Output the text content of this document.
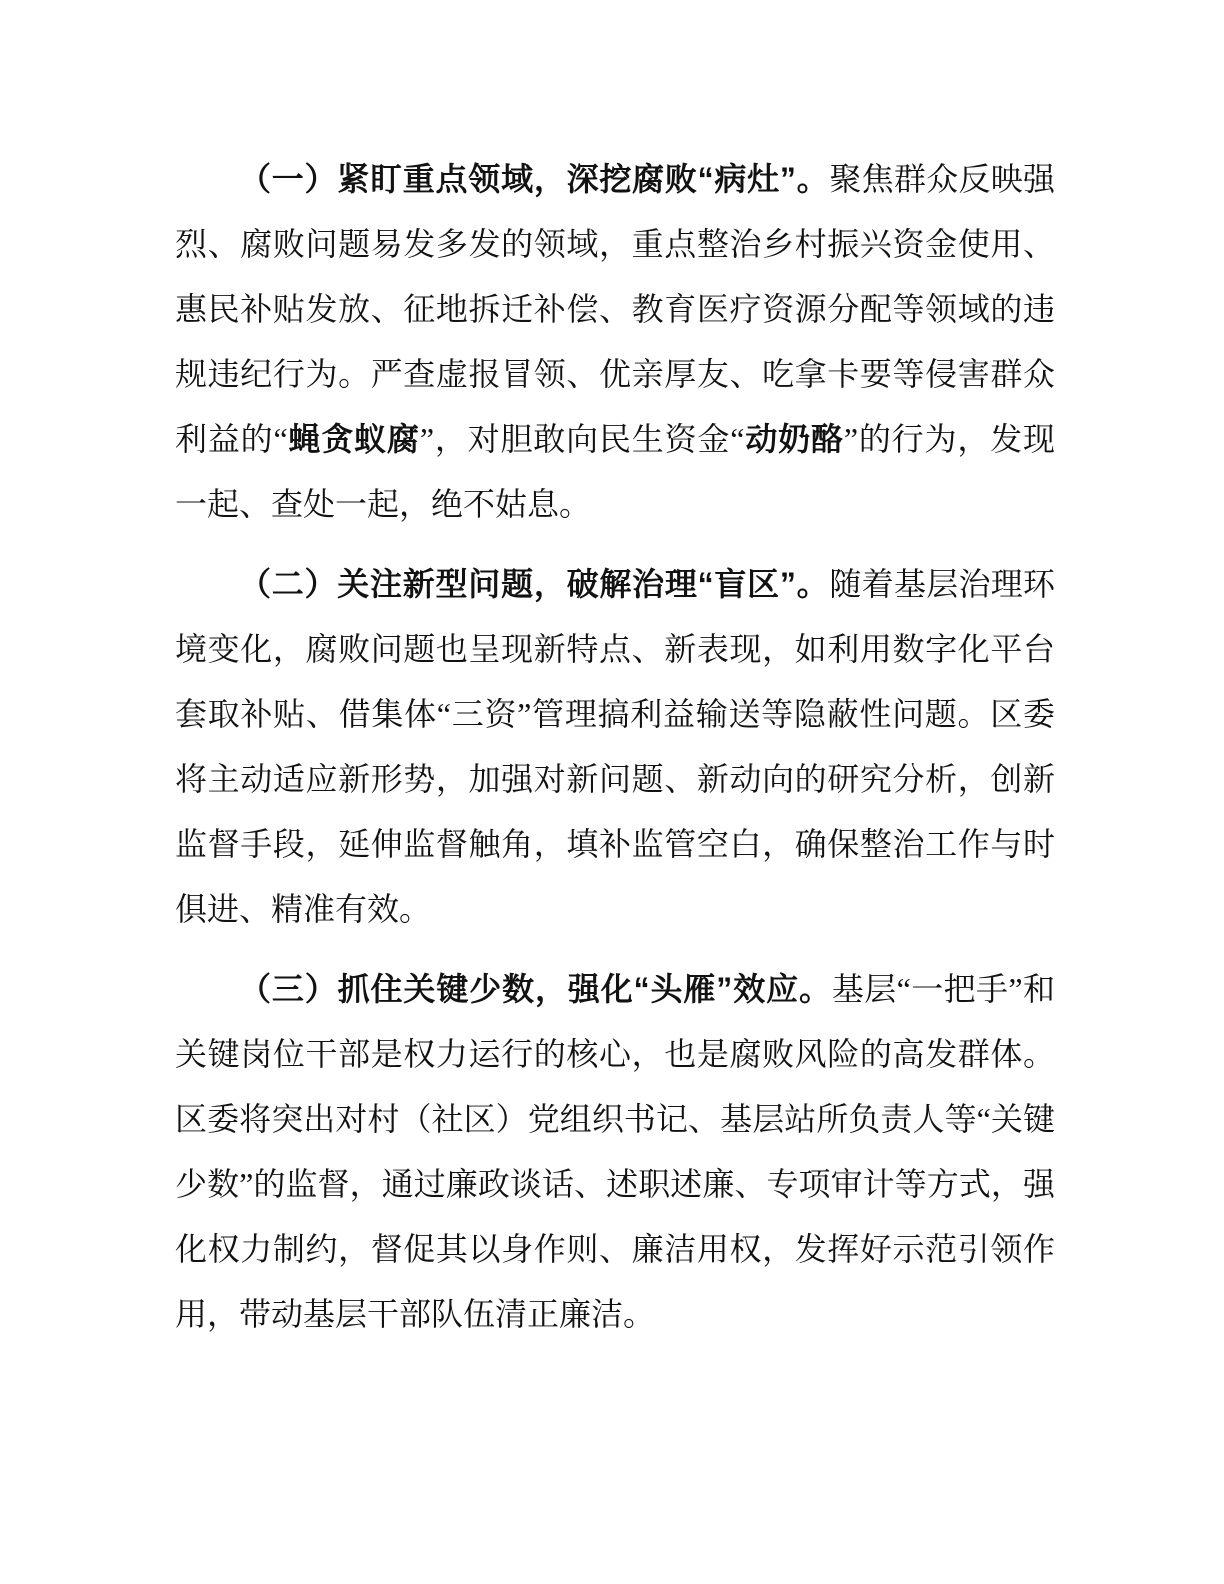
（一）紧盯重点领域，深挖腐败“病灶”。聚焦群众反映强烈、腐败问题易发多发的领域，重点整治乡村振兴资金使用、惠民补贴发放、征地拆迁补偿、教育医疗资源分配等领域的违规违纪行为。严查虚报冒领、优亲厚友、吃拿卡要等侵害群众利益的“蝇贪蚁腐”，对胆敢向民生资金“动奶酪”的行为，发现一起、查处一起，绝不姑息。

（二）关注新型问题，破解治理“盲区”。随着基层治理环境变化，腐败问题也呈现新特点、新表现，如利用数字化平台套取补贴、借集体“三资”管理搞利益输送等隐蔽性问题。区委将主动适应新形势，加强对新问题、新动向的研究分析，创新监督手段，延伸监督触角，填补监管空白，确保整治工作与时俱进、精准有效。

（三）抓住关键少数，强化“头雁”效应。基层“一把手”和关键岗位干部是权力运行的核心，也是腐败风险的高发群体。区委将突出对村（社区）党组织书记、基层站所负责人等“关键少数”的监督，通过廉政谈话、述职述廉、专项审计等方式，强化权力制约，督促其以身作则、廉洁用权，发挥好示范引领作用，带动基层干部队伍清正廉洁。
